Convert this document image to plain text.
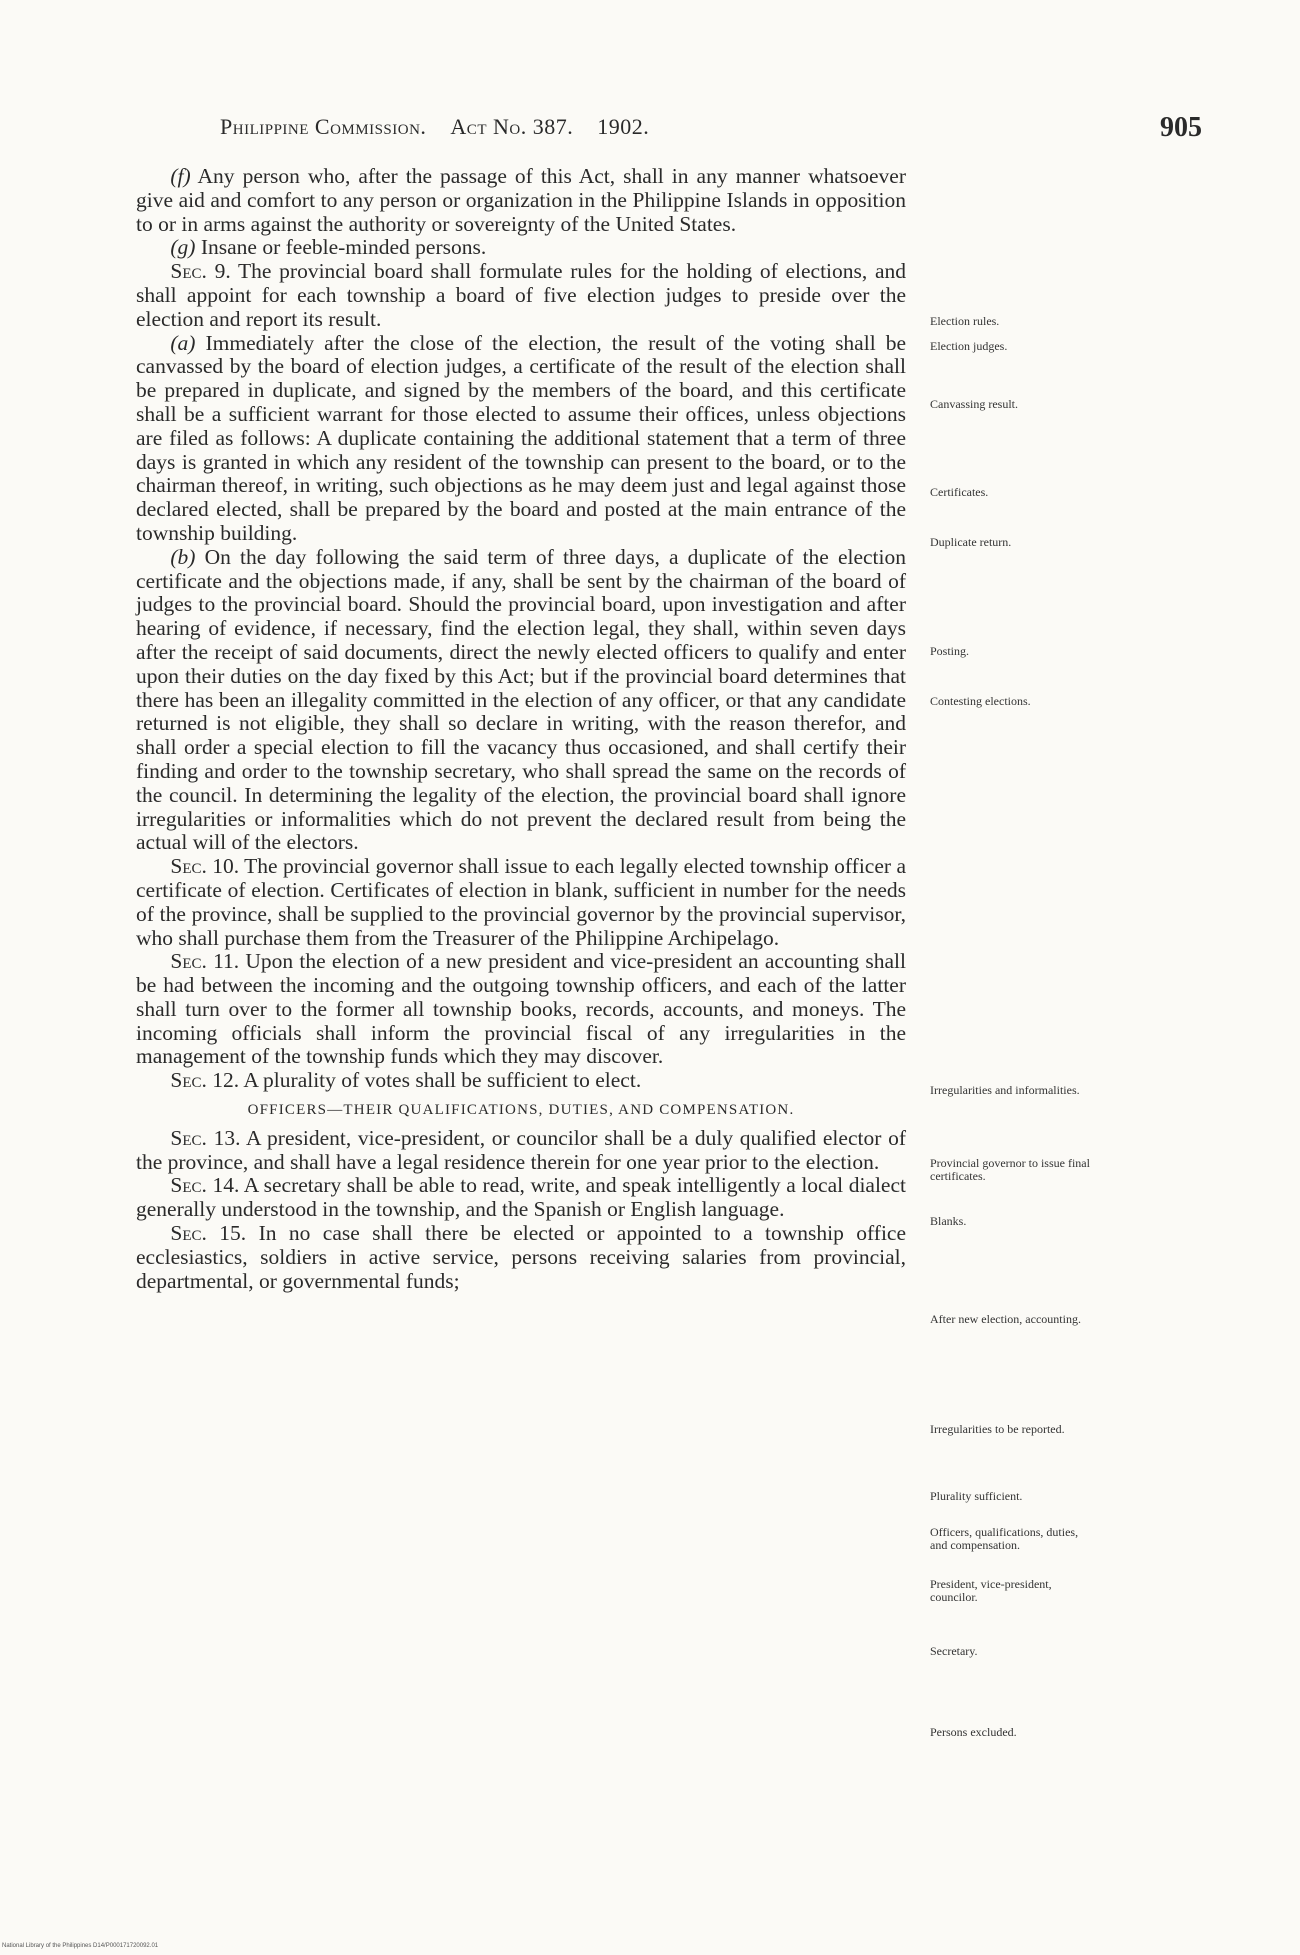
Philippine Commission. Act No. 387. 1902.	905

(f) Any person who, after the passage of this Act, shall in any manner whatsoever give aid and comfort to any person or organization in the Philippine Islands in opposition to or in arms against the authority or sovereignty of the United States.

(g) Insane or feeble-minded persons.

Sec. 9. The provincial board shall formulate rules for the holding of elections, and shall appoint for each township a board of five election judges to preside over the election and report its result.

(a) Immediately after the close of the election, the result of the voting shall be canvassed by the board of election judges, a certificate of the result of the election shall be prepared in duplicate, and signed by the members of the board, and this certificate shall be a sufficient warrant for those elected to assume their offices, unless objections are filed as follows: A duplicate containing the additional statement that a term of three days is granted in which any resident of the township can present to the board, or to the chairman thereof, in writing, such objections as he may deem just and legal against those declared elected, shall be prepared by the board and posted at the main entrance of the township building.

(b) On the day following the said term of three days, a duplicate of the election certificate and the objections made, if any, shall be sent by the chairman of the board of judges to the provincial board. Should the provincial board, upon investigation and after hearing of evidence, if necessary, find the election legal, they shall, within seven days after the receipt of said documents, direct the newly elected officers to qualify and enter upon their duties on the day fixed by this Act; but if the provincial board determines that there has been an illegality committed in the election of any officer, or that any candidate returned is not eligible, they shall so declare in writing, with the reason therefor, and shall order a special election to fill the vacancy thus occasioned, and shall certify their finding and order to the township secretary, who shall spread the same on the records of the council. In determining the legality of the election, the provincial board shall ignore irregularities or informalities which do not prevent the declared result from being the actual will of the electors.

Sec. 10. The provincial governor shall issue to each legally elected township officer a certificate of election. Certificates of election in blank, sufficient in number for the needs of the province, shall be supplied to the provincial governor by the provincial supervisor, who shall purchase them from the Treasurer of the Philippine Archipelago.

Sec. 11. Upon the election of a new president and vice-president an accounting shall be had between the incoming and the outgoing township officers, and each of the latter shall turn over to the former all township books, records, accounts, and moneys. The incoming officials shall inform the provincial fiscal of any irregularities in the management of the township funds which they may discover.

Sec. 12. A plurality of votes shall be sufficient to elect.

OFFICERS—THEIR QUALIFICATIONS, DUTIES, AND COMPENSATION.

Sec. 13. A president, vice-president, or councilor shall be a duly qualified elector of the province, and shall have a legal residence therein for one year prior to the election.

Sec. 14. A secretary shall be able to read, write, and speak intelligently a local dialect generally understood in the township, and the Spanish or English language.

Sec. 15. In no case shall there be elected or appointed to a township office ecclesiastics, soldiers in active service, persons receiving salaries from provincial, departmental, or governmental funds;

Election rules.
Election judges.
Canvassing result.
Certificates.
Duplicate return.
Posting.
Contesting elections.
Irregularities and informalities.
Provincial governor to issue final certificates.
Blanks.
After new election, accounting.
Irregularities to be reported.
Plurality sufficient.
Officers, qualifications, duties, and compensation.
President, vice-president, councilor.
Secretary.
Persons excluded.
National Library of the Philippines D14/P000171720092.01
